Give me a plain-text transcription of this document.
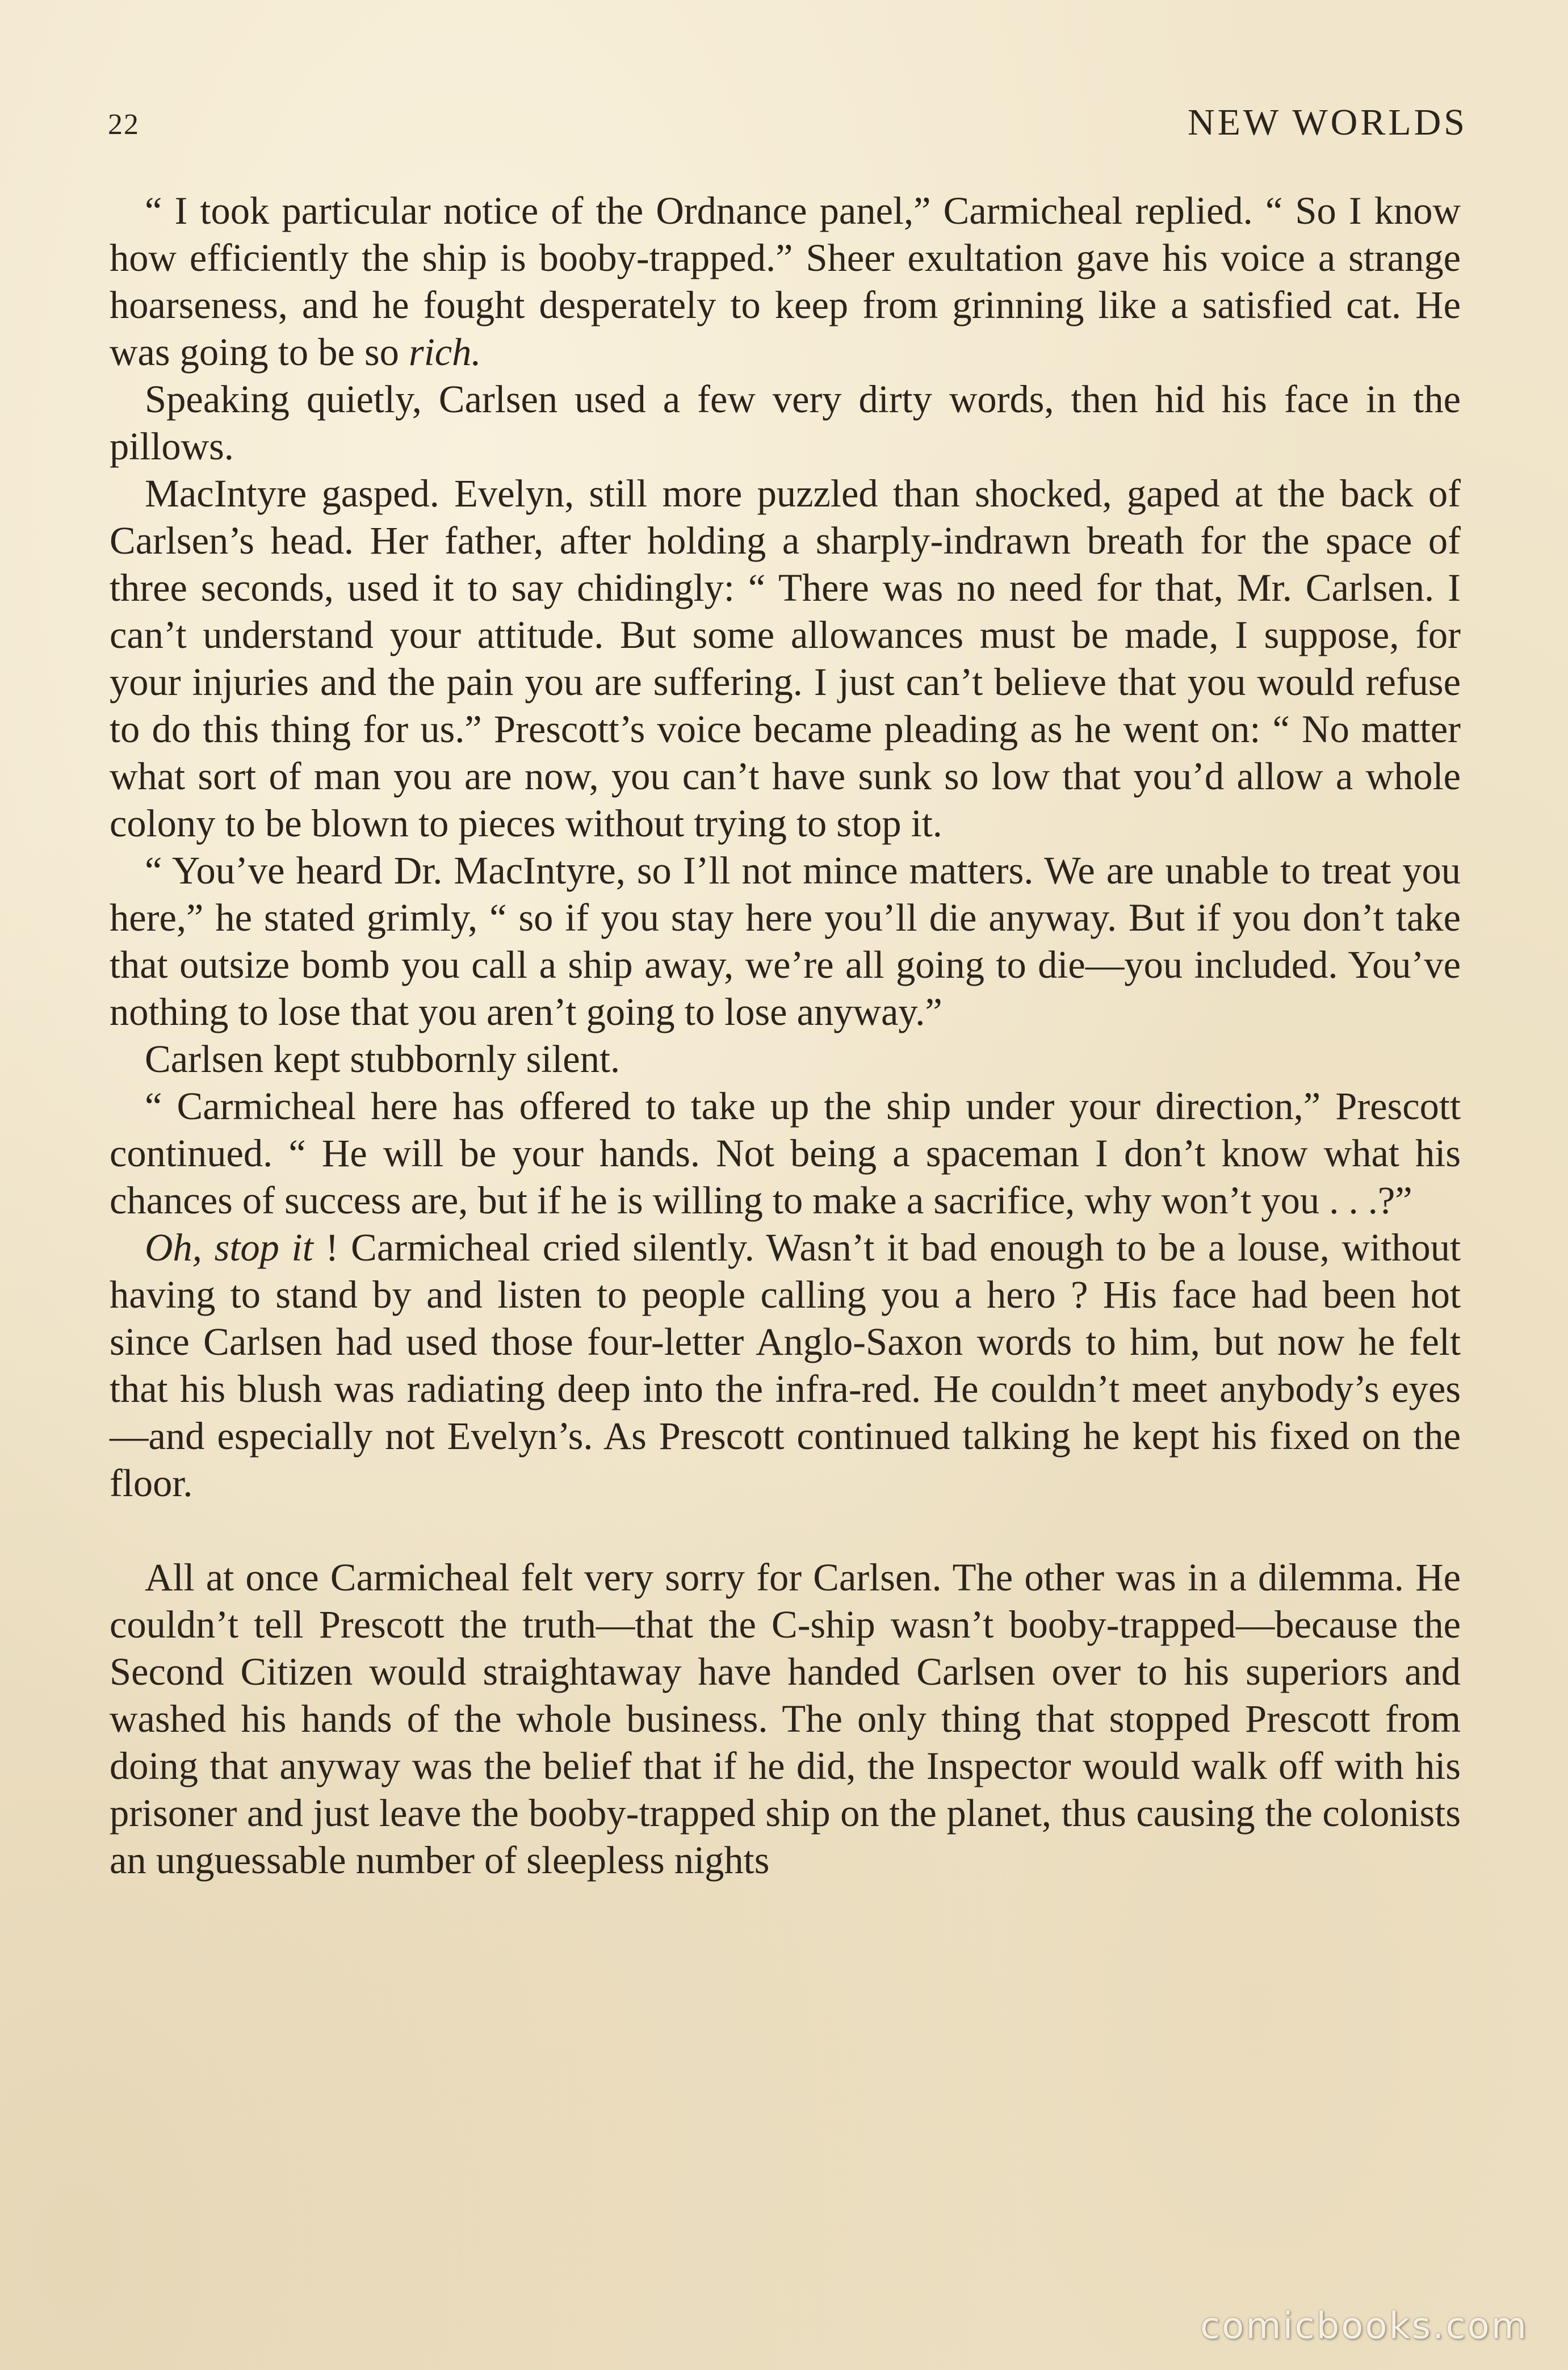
22	NEW WORLDS

“ I took particular notice of the Ordnance panel,” Carmicheal replied. “ So I know how efficiently the ship is booby-trapped.” Sheer exultation gave his voice a strange hoarseness, and he fought desperately to keep from grinning like a satisfied cat. He was going to be so rich.

Speaking quietly, Carlsen used a few very dirty words, then hid his face in the pillows.

MacIntyre gasped. Evelyn, still more puzzled than shocked, gaped at the back of Carlsen’s head. Her father, after holding a sharply-indrawn breath for the space of three seconds, used it to say chidingly: “ There was no need for that, Mr. Carlsen. I can’t understand your attitude. But some allowances must be made, I suppose, for your injuries and the pain you are suffering. I just can’t believe that you would refuse to do this thing for us.” Prescott’s voice became pleading as he went on: “ No matter what sort of man you are now, you can’t have sunk so low that you’d allow a whole colony to be blown to pieces without trying to stop it.

“ You’ve heard Dr. MacIntyre, so I’ll not mince matters. We are unable to treat you here,” he stated grimly, “ so if you stay here you’ll die anyway. But if you don’t take that outsize bomb you call a ship away, we’re all going to die—you included. You’ve nothing to lose that you aren’t going to lose anyway.”

Carlsen kept stubbornly silent.

“ Carmicheal here has offered to take up the ship under your direction,” Prescott continued. “ He will be your hands. Not being a spaceman I don’t know what his chances of success are, but if he is willing to make a sacrifice, why won’t you . . .?”

Oh, stop it ! Carmicheal cried silently. Wasn’t it bad enough to be a louse, without having to stand by and listen to people calling you a hero ? His face had been hot since Carlsen had used those four-letter Anglo-Saxon words to him, but now he felt that his blush was radiating deep into the infra-red. He couldn’t meet anybody’s eyes—and especially not Evelyn’s. As Prescott continued talking he kept his fixed on the floor.

All at once Carmicheal felt very sorry for Carlsen. The other was in a dilemma. He couldn’t tell Prescott the truth—that the C-ship wasn’t booby-trapped—because the Second Citizen would straightaway have handed Carlsen over to his superiors and washed his hands of the whole business. The only thing that stopped Prescott from doing that anyway was the belief that if he did, the Inspector would walk off with his prisoner and just leave the booby-trapped ship on the planet, thus causing the colonists an unguessable number of sleepless nights

comicbooks.com
